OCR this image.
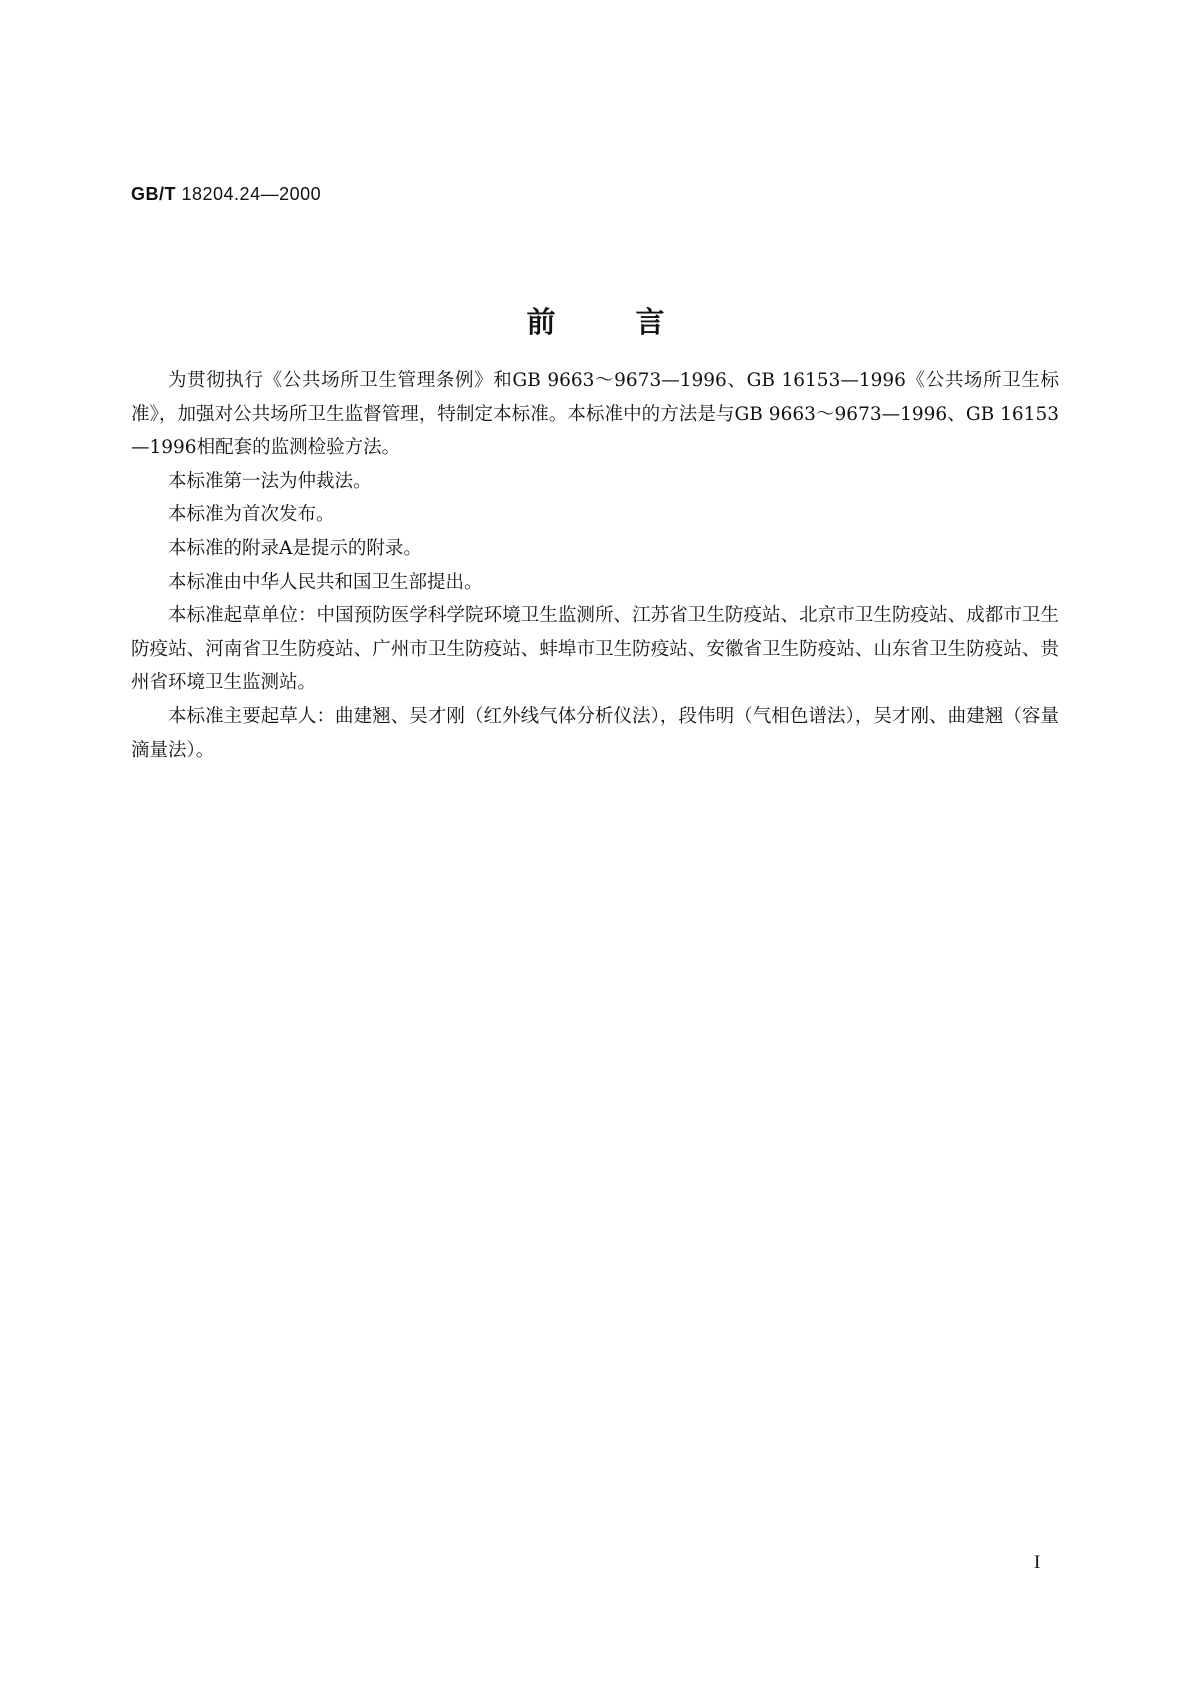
GB/T 18204.24—2000
前言

为贯彻执行《公共场所卫生管理条例》和GB 9663～9673—1996、GB 16153—1996《公共场所卫生标准》，加强对公共场所卫生监督管理，特制定本标准。本标准中的方法是与GB 9663～9673—1996、GB 16153—1996相配套的监测检验方法。

本标准第一法为仲裁法。

本标准为首次发布。

本标准的附录A是提示的附录。

本标准由中华人民共和国卫生部提出。

本标准起草单位：中国预防医学科学院环境卫生监测所、江苏省卫生防疫站、北京市卫生防疫站、成都市卫生防疫站、河南省卫生防疫站、广州市卫生防疫站、蚌埠市卫生防疫站、安徽省卫生防疫站、山东省卫生防疫站、贵州省环境卫生监测站。

本标准主要起草人：曲建翘、吴才刚（红外线气体分析仪法），段伟明（气相色谱法），吴才刚、曲建翘（容量滴量法）。

I
